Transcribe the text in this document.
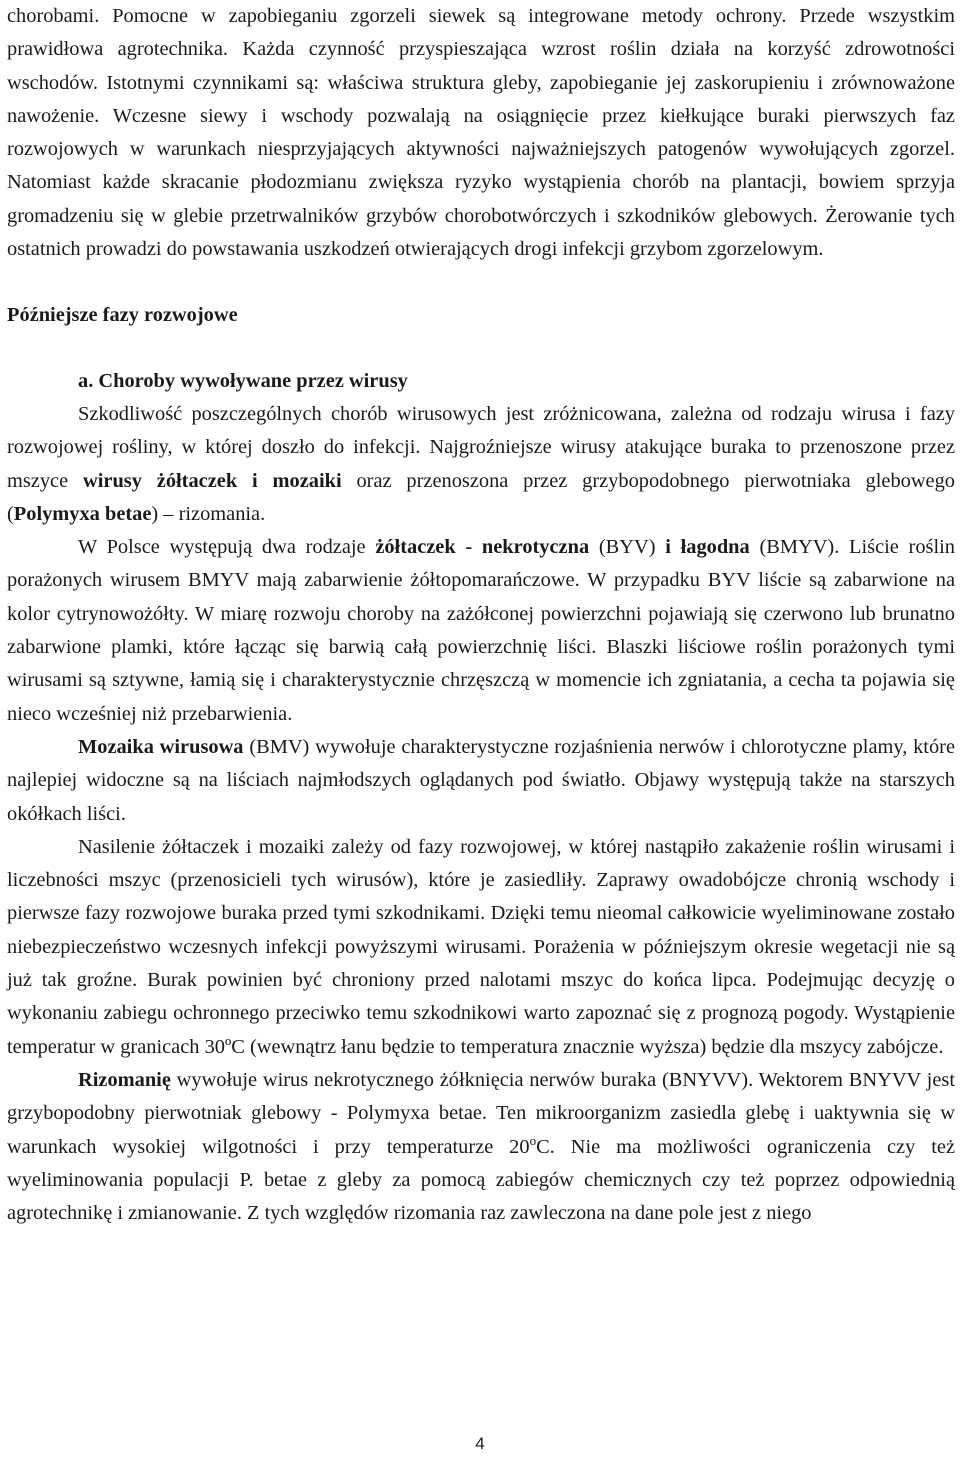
chorobami. Pomocne w zapobieganiu zgorzeli siewek są integrowane metody ochrony. Przede wszystkim prawidłowa agrotechnika. Każda czynność przyspieszająca wzrost roślin działa na korzyść zdrowotności wschodów. Istotnymi czynnikami są: właściwa struktura gleby, zapobieganie jej zaskorupieniu i zrównoważone nawożenie. Wczesne siewy i wschody pozwalają na osiągnięcie przez kiełkujące buraki pierwszych faz rozwojowych w warunkach niesprzyjających aktywności najważniejszych patogenów wywołujących zgorzel. Natomiast każde skracanie płodozmianu zwiększa ryzyko wystąpienia chorób na plantacji, bowiem sprzyja gromadzeniu się w glebie przetrwalników grzybów chorobotwórczych i szkodników glebowych. Żerowanie tych ostatnich prowadzi do powstawania uszkodzeń otwierających drogi infekcji grzybom zgorzelowym.

Późniejsze fazy rozwojowe

a. Choroby wywoływane przez wirusy

Szkodliwość poszczególnych chorób wirusowych jest zróżnicowana, zależna od rodzaju wirusa i fazy rozwojowej rośliny, w której doszło do infekcji. Najgroźniejsze wirusy atakujące buraka to przenoszone przez mszyce wirusy żółtaczek i mozaiki oraz przenoszona przez grzybopodobnego pierwotniaka glebowego (Polymyxa betae) – rizomania.

W Polsce występują dwa rodzaje żółtaczek - nekrotyczna (BYV) i łagodna (BMYV). Liście roślin porażonych wirusem BMYV mają zabarwienie żółtopomarańczowe. W przypadku BYV liście są zabarwione na kolor cytrynowożółty. W miarę rozwoju choroby na zażółconej powierzchni pojawiają się czerwono lub brunatno zabarwione plamki, które łącząc się barwią całą powierzchnię liści. Blaszki liściowe roślin porażonych tymi wirusami są sztywne, łamią się i charakterystycznie chrzęszczą w momencie ich zgniatania, a cecha ta pojawia się nieco wcześniej niż przebarwienia.

Mozaika wirusowa (BMV) wywołuje charakterystyczne rozjaśnienia nerwów i chlorotyczne plamy, które najlepiej widoczne są na liściach najmłodszych oglądanych pod światło. Objawy występują także na starszych okółkach liści.

Nasilenie żółtaczek i mozaiki zależy od fazy rozwojowej, w której nastąpiło zakażenie roślin wirusami i liczebności mszyc (przenosicieli tych wirusów), które je zasiedliły. Zaprawy owadobójcze chronią wschody i pierwsze fazy rozwojowe buraka przed tymi szkodnikami. Dzięki temu nieomal całkowicie wyeliminowane zostało niebezpieczeństwo wczesnych infekcji powyższymi wirusami. Porażenia w późniejszym okresie wegetacji nie są już tak groźne. Burak powinien być chroniony przed nalotami mszyc do końca lipca. Podejmując decyzję o wykonaniu zabiegu ochronnego przeciwko temu szkodnikowi warto zapoznać się z prognozą pogody. Wystąpienie temperatur w granicach 30ºC (wewnątrz łanu będzie to temperatura znacznie wyższa) będzie dla mszycy zabójcze.

Rizomanię wywołuje wirus nekrotycznego żółknięcia nerwów buraka (BNYVV). Wektorem BNYVV jest grzybopodobny pierwotniak glebowy - Polymyxa betae. Ten mikroorganizm zasiedla glebę i uaktywnia się w warunkach wysokiej wilgotności i przy temperaturze 20$^o$C. Nie ma możliwości ograniczenia czy też wyeliminowania populacji P. betae z gleby za pomocą zabiegów chemicznych czy też poprzez odpowiednią agrotechnikę i zmianowanie. Z tych względów rizomania raz zawleczona na dane pole jest z niego

4
